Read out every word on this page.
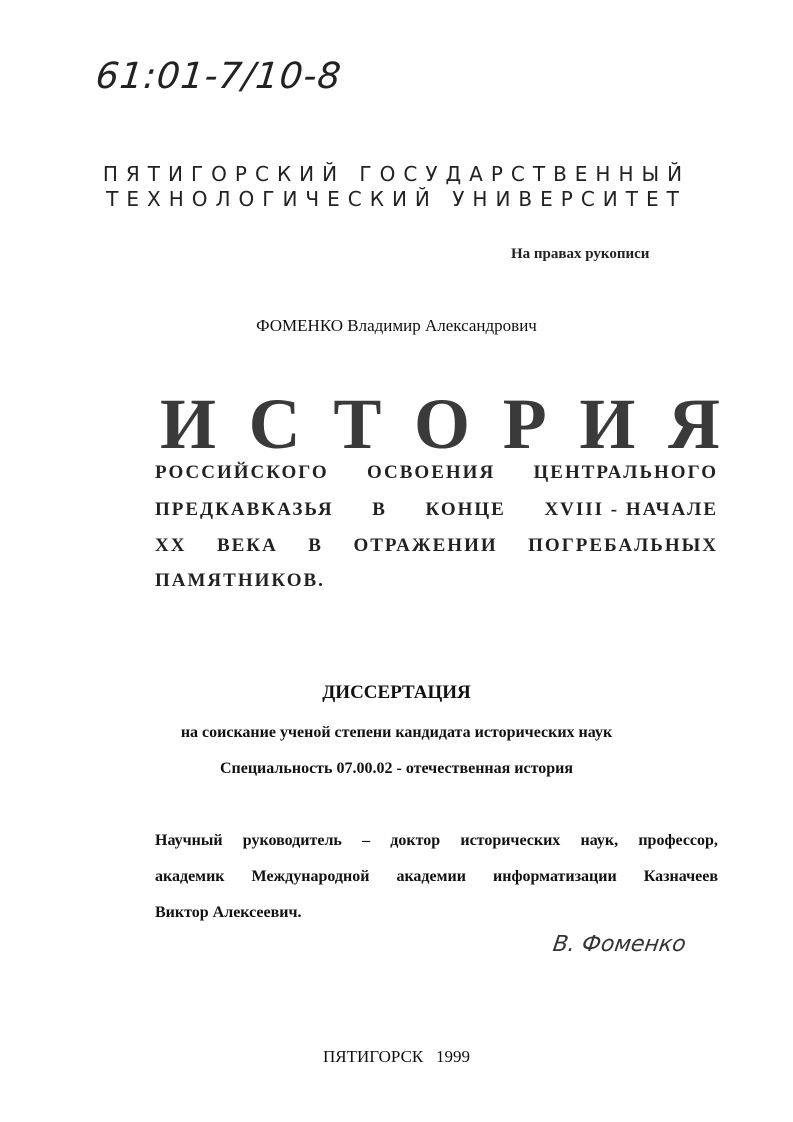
61:01-7/10-8
ПЯТИГОРСКИЙ ГОСУДАРСТВЕННЫЙ
ТЕХНОЛОГИЧЕСКИЙ УНИВЕРСИТЕТ
На правах рукописи
ФОМЕНКО Владимир Александрович
И С Т О Р И Я
РОССИЙСКОГО ОСВОЕНИЯ ЦЕНТРАЛЬНОГО
ПРЕДКАВКАЗЬЯ В КОНЦЕ XVIII - НАЧАЛЕ
XX ВЕКА В ОТРАЖЕНИИ ПОГРЕБАЛЬНЫХ
ПАМЯТНИКОВ.
ДИССЕРТАЦИЯ
на соискание ученой степени кандидата исторических наук
Специальность 07.00.02 - отечественная история
Научный руководитель – доктор исторических наук, профессор,
академик Международной академии информатизации Казначеев
Виктор Алексеевич.
В. Фоменко
ПЯТИГОРСК   1999
